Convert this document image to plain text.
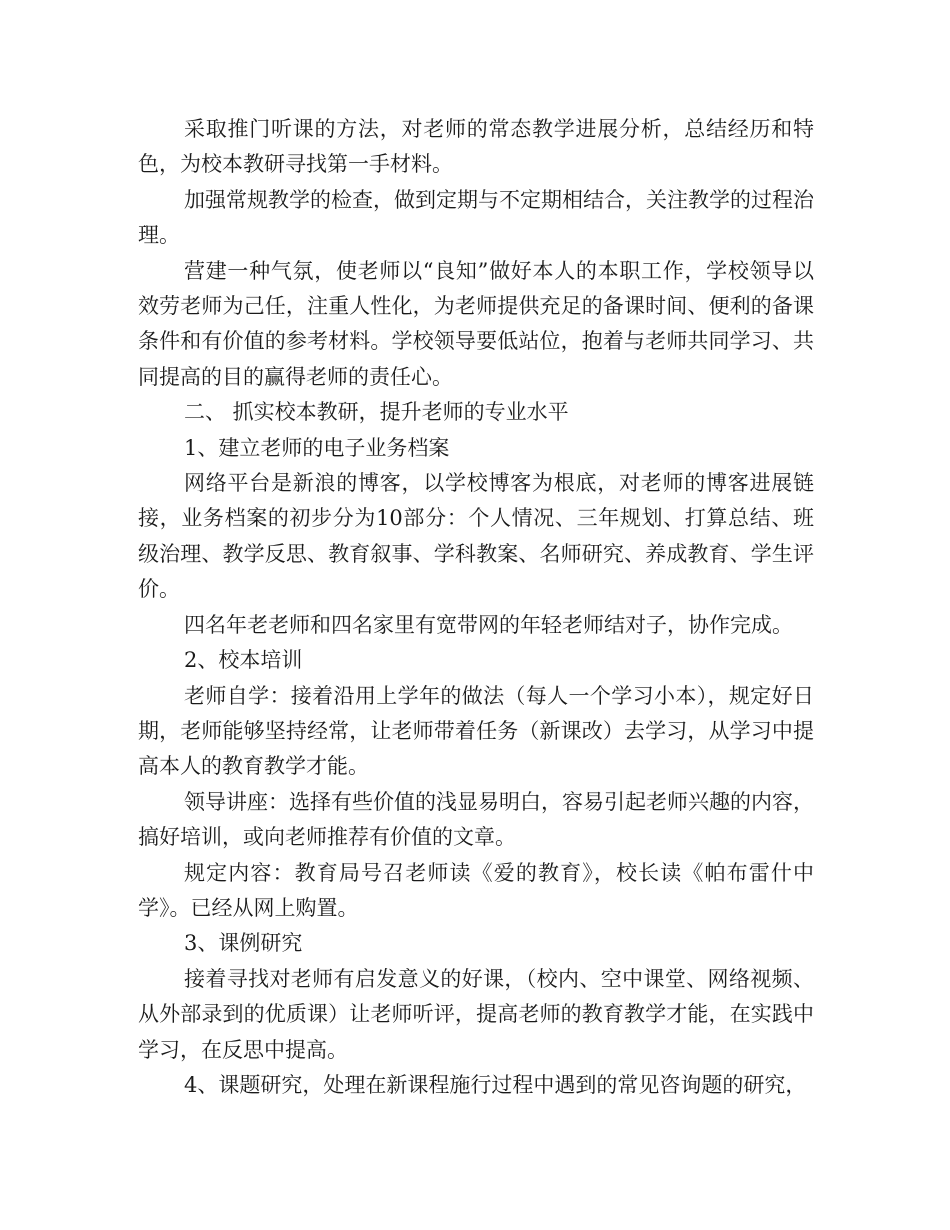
采取推门听课的方法，对老师的常态教学进展分析，总结经历和特色，为校本教研寻找第一手材料。

加强常规教学的检查，做到定期与不定期相结合，关注教学的过程治理。

营建一种气氛，使老师以“良知”做好本人的本职工作，学校领导以效劳老师为己任，注重人性化，为老师提供充足的备课时间、便利的备课条件和有价值的参考材料。学校领导要低站位，抱着与老师共同学习、共同提高的目的赢得老师的责任心。

二、 抓实校本教研，提升老师的专业水平

1、建立老师的电子业务档案

网络平台是新浪的博客，以学校博客为根底，对老师的博客进展链接，业务档案的初步分为10部分：个人情况、三年规划、打算总结、班级治理、教学反思、教育叙事、学科教案、名师研究、养成教育、学生评价。

四名年老老师和四名家里有宽带网的年轻老师结对子，协作完成。

2、校本培训

老师自学：接着沿用上学年的做法（每人一个学习小本），规定好日期，老师能够坚持经常，让老师带着任务（新课改）去学习，从学习中提高本人的教育教学才能。

领导讲座：选择有些价值的浅显易明白，容易引起老师兴趣的内容，搞好培训，或向老师推荐有价值的文章。

规定内容：教育局号召老师读《爱的教育》，校长读《帕布雷什中学》。已经从网上购置。

3、课例研究

接着寻找对老师有启发意义的好课，（校内、空中课堂、网络视频、从外部录到的优质课）让老师听评，提高老师的教育教学才能，在实践中学习，在反思中提高。

4、课题研究，处理在新课程施行过程中遇到的常见咨询题的研究，
